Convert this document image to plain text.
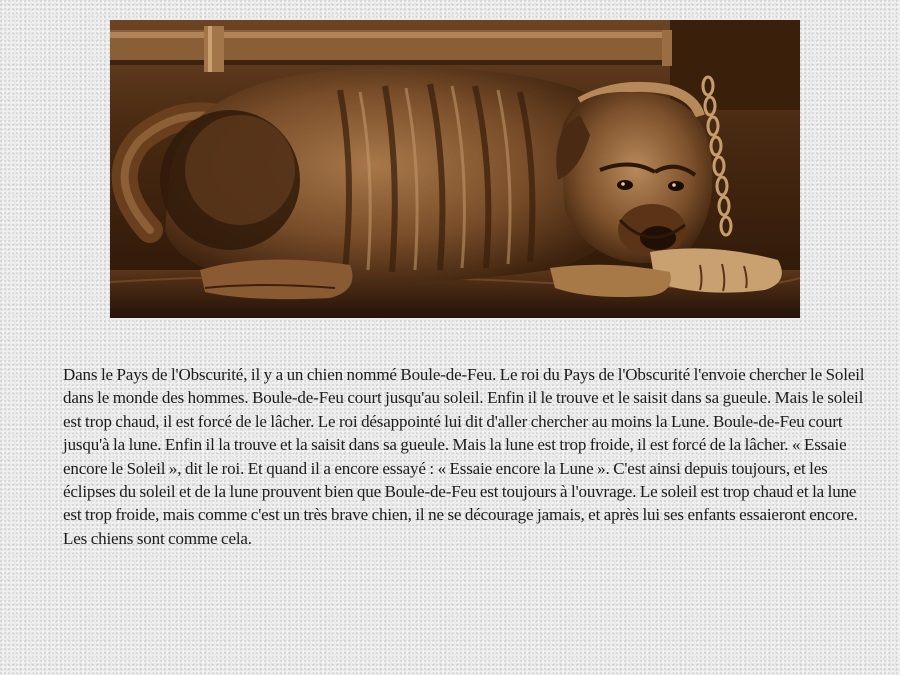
Dans le Pays de l'Obscurité, il y a un chien nommé Boule-de-Feu. Le roi du Pays de l'Obscurité l'envoie chercher le Soleil dans le monde des hommes. Boule-de-Feu court jusqu'au soleil. Enfin il le trouve et le saisit dans sa gueule. Mais le soleil est trop chaud, il est forcé de le lâcher. Le roi désappointé lui dit d'aller chercher au moins la Lune. Boule-de-Feu court jusqu'à la lune. Enfin il la trouve et la saisit dans sa gueule. Mais la lune est trop froide, il est forcé de la lâcher. « Essaie encore le Soleil », dit le roi. Et quand il a encore essayé : « Essaie encore la Lune ». C'est ainsi depuis toujours, et les éclipses du soleil et de la lune prouvent bien que Boule-de-Feu est toujours à l'ouvrage. Le soleil est trop chaud et la lune est trop froide, mais comme c'est un très brave chien, il ne se décourage jamais, et après lui ses enfants essaieront encore. Les chiens sont comme cela.
